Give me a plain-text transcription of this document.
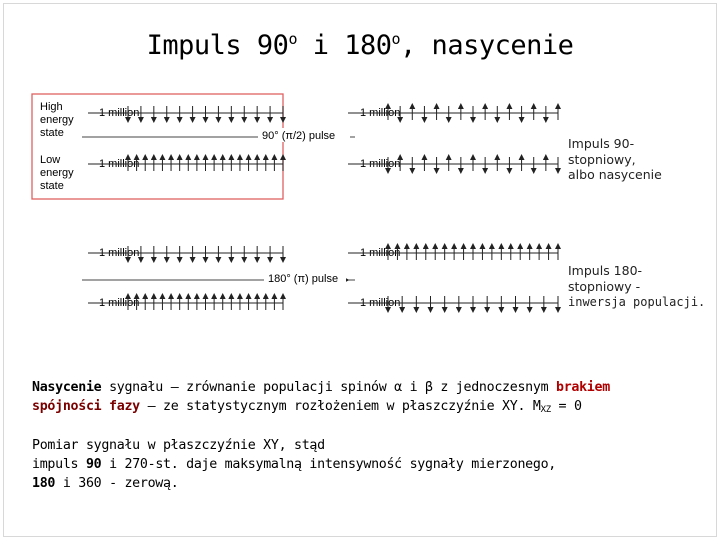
Impuls 90$^o$ i 180$^o$, nasycenie
High
energy
state
Low
energy
state
1 million
1 million
1 million
1 million
1 million
1 million
1 million
1 million
90° (π/2) pulse
180° (π) pulse
Impuls 90-
stopniowy,
albo nasycenie
Impuls 180-
stopniowy -
inwersja populacji.
Nasycenie sygnału – zrównanie populacji spinów α i β z jednoczesnym brakiem
spójności fazy – ze statystycznym rozłożeniem w płaszczyźnie XY. $M_{XZ} = 0$
Pomiar sygnału w płaszczyźnie XY, stąd
impuls 90 i 270-st. daje maksymalną intensywność sygnały mierzonego,
180 i 360 - zerową.
